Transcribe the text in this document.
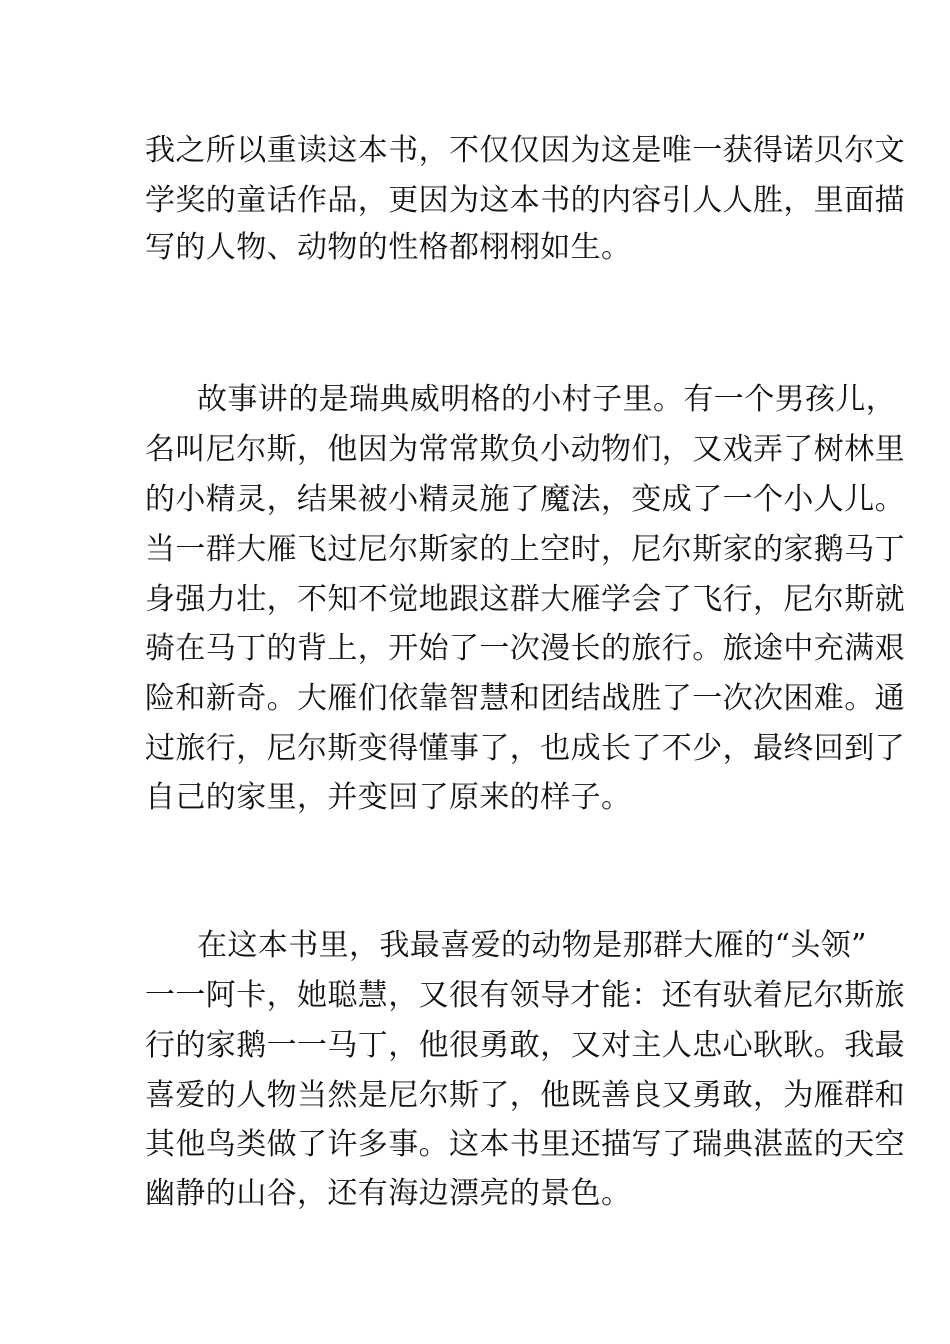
我之所以重读这本书，不仅仅因为这是唯一获得诺贝尔文
学奖的童话作品，更因为这本书的内容引人人胜，里面描
写的人物、动物的性格都栩栩如生。
故事讲的是瑞典威明格的小村子里。有一个男孩儿，
名叫尼尔斯，他因为常常欺负小动物们，又戏弄了树林里
的小精灵，结果被小精灵施了魔法，变成了一个小人儿。
当一群大雁飞过尼尔斯家的上空时，尼尔斯家的家鹅马丁
身强力壮，不知不觉地跟这群大雁学会了飞行，尼尔斯就
骑在马丁的背上，开始了一次漫长的旅行。旅途中充满艰
险和新奇。大雁们依靠智慧和团结战胜了一次次困难。通
过旅行，尼尔斯变得懂事了，也成长了不少，最终回到了
自己的家里，并变回了原来的样子。
在这本书里，我最喜爱的动物是那群大雁的“头领”
一一阿卡，她聪慧，又很有领导才能：还有驮着尼尔斯旅
行的家鹅一一马丁，他很勇敢，又对主人忠心耿耿。我最
喜爱的人物当然是尼尔斯了，他既善良又勇敢，为雁群和
其他鸟类做了许多事。这本书里还描写了瑞典湛蓝的天空
幽静的山谷，还有海边漂亮的景色。
